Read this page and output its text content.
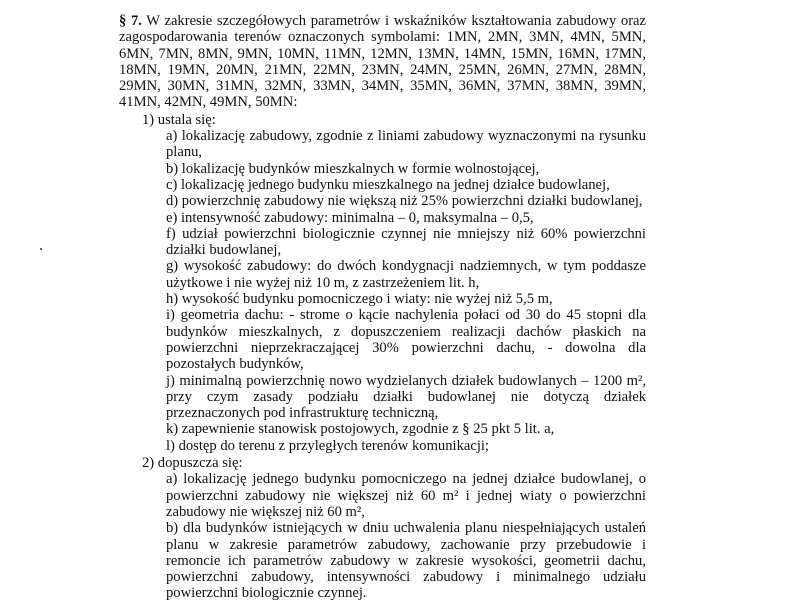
§ 7. W zakresie szczegółowych parametrów i wskaźników kształtowania zabudowy oraz zagospodarowania terenów oznaczonych symbolami: 1MN, 2MN, 3MN, 4MN, 5MN, 6MN, 7MN, 8MN, 9MN, 10MN, 11MN, 12MN, 13MN, 14MN, 15MN, 16MN, 17MN, 18MN, 19MN, 20MN, 21MN, 22MN, 23MN, 24MN, 25MN, 26MN, 27MN, 28MN, 29MN, 30MN, 31MN, 32MN, 33MN, 34MN, 35MN, 36MN, 37MN, 38MN, 39MN, 41MN, 42MN, 49MN, 50MN:
1) ustala się:
a) lokalizację zabudowy, zgodnie z liniami zabudowy wyznaczonymi na rysunku planu,
b) lokalizację budynków mieszkalnych w formie wolnostojącej,
c) lokalizację jednego budynku mieszkalnego na jednej działce budowlanej,
d) powierzchnię zabudowy nie większą niż 25% powierzchni działki budowlanej,
e) intensywność zabudowy: minimalna – 0, maksymalna – 0,5,
f) udział powierzchni biologicznie czynnej nie mniejszy niż 60% powierzchni działki budowlanej,
g) wysokość zabudowy: do dwóch kondygnacji nadziemnych, w tym poddasze użytkowe i nie wyżej niż 10 m, z zastrzeżeniem lit. h,
h) wysokość budynku pomocniczego i wiaty: nie wyżej niż 5,5 m,
i) geometria dachu: ‑ strome o kącie nachylenia połaci od 30 do 45 stopni dla budynków mieszkalnych, z dopuszczeniem realizacji dachów płaskich na powierzchni nieprzekraczającej 30% powierzchni dachu, ‑ dowolna dla pozostałych budynków,
j) minimalną powierzchnię nowo wydzielanych działek budowlanych – 1200 m², przy czym zasady podziału działki budowlanej nie dotyczą działek przeznaczonych pod infrastrukturę techniczną,
k) zapewnienie stanowisk postojowych, zgodnie z § 25 pkt 5 lit. a,
l) dostęp do terenu z przyległych terenów komunikacji;
2) dopuszcza się:
a) lokalizację jednego budynku pomocniczego na jednej działce budowlanej, o powierzchni zabudowy nie większej niż 60 m² i jednej wiaty o powierzchni zabudowy nie większej niż 60 m²,
b) dla budynków istniejących w dniu uchwalenia planu niespełniających ustaleń planu w zakresie parametrów zabudowy, zachowanie przy przebudowie i remoncie ich parametrów zabudowy w zakresie wysokości, geometrii dachu, powierzchni zabudowy, intensywności zabudowy i minimalnego udziału powierzchni biologicznie czynnej.
